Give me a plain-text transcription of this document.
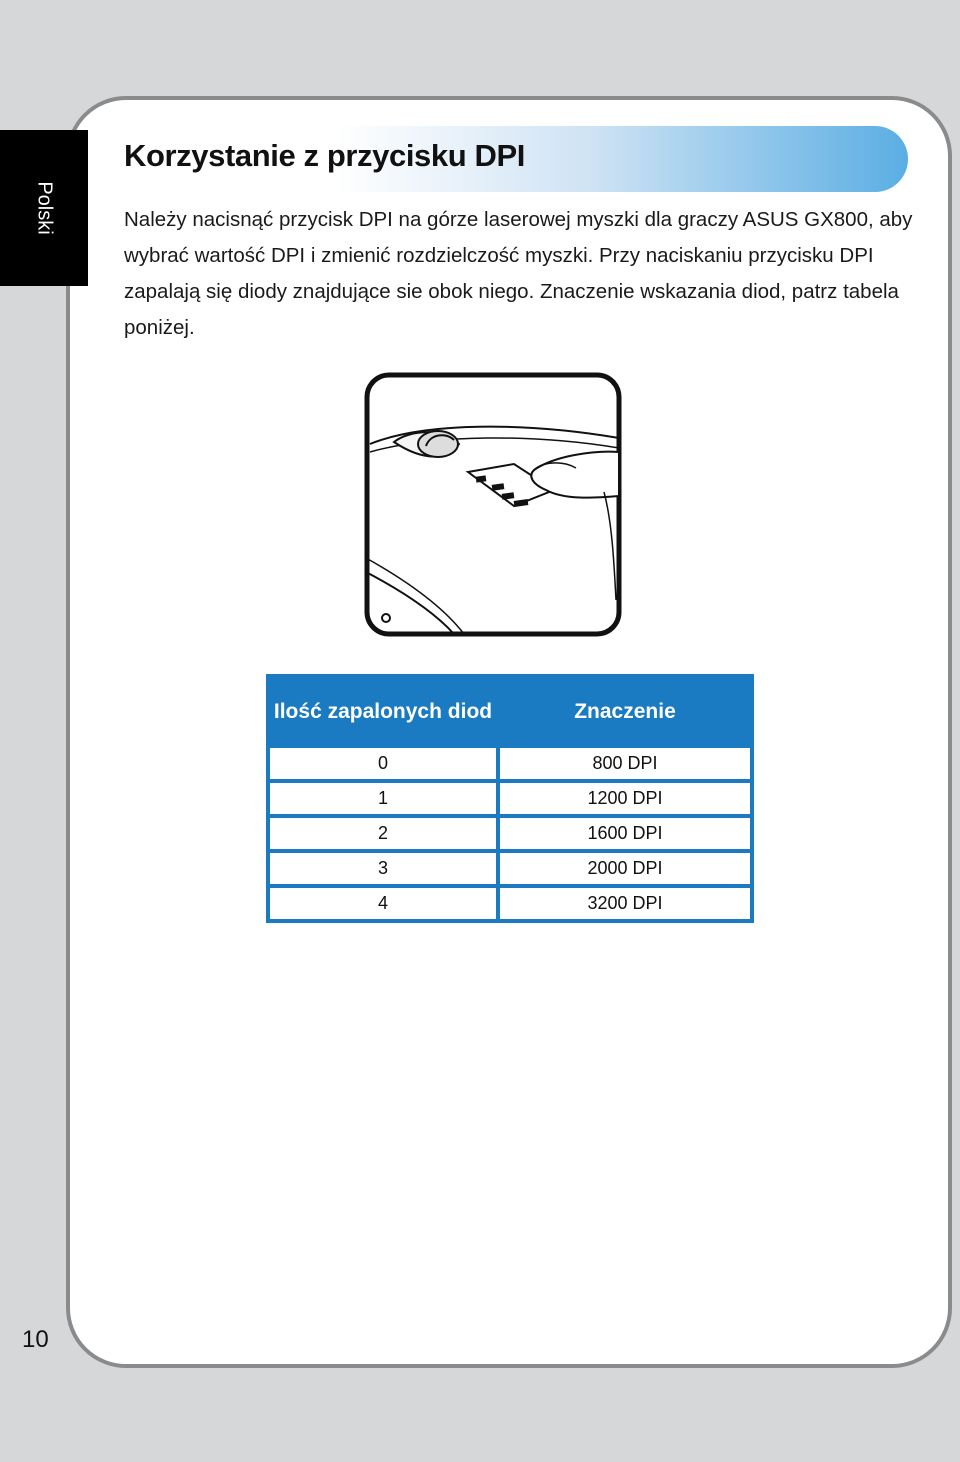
Polski
Korzystanie z przycisku DPI

Należy nacisnąć przycisk DPI na górze laserowej myszki dla graczy ASUS GX800, aby wybrać wartość DPI i zmienić rozdzielczość myszki. Przy naciskaniu przycisku DPI zapalają się diody znajdujące sie obok niego. Znaczenie wskazania diod, patrz tabela poniżej.

Ilość zapalonych diod	Znaczenie
0	800 DPI
1	1200 DPI
2	1600 DPI
3	2000 DPI
4	3200 DPI
10
